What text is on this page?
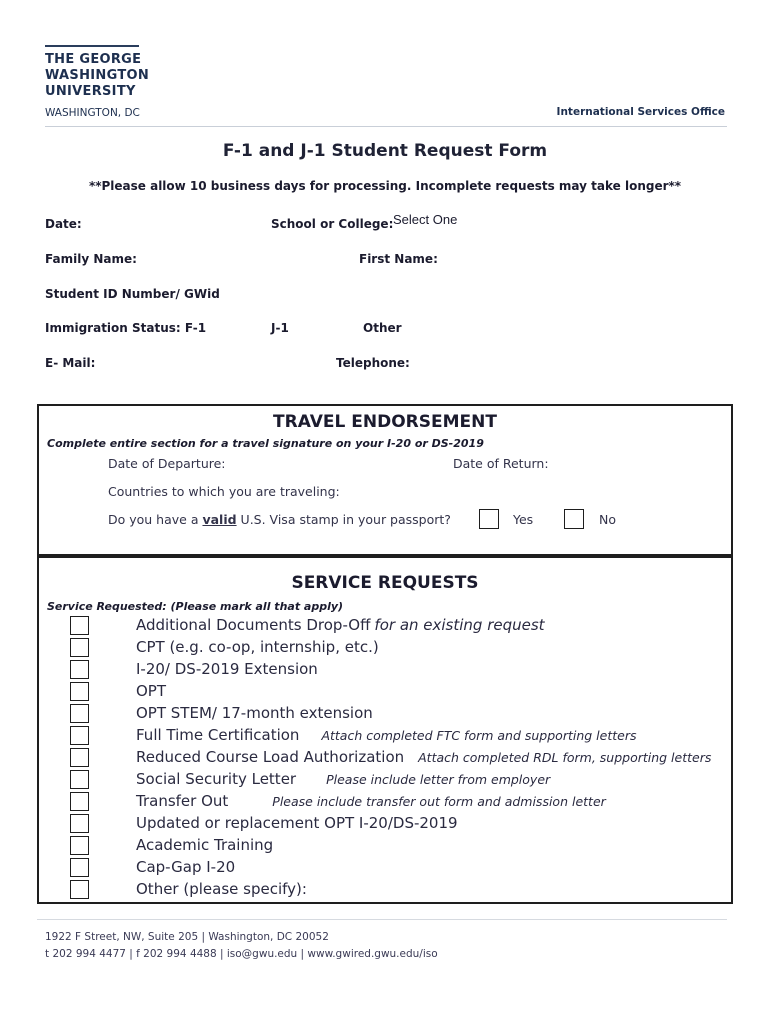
THE GEORGE
WASHINGTON
UNIVERSITY
WASHINGTON, DC	International Services Office
F-1 and J-1 Student Request Form
**Please allow 10 business days for processing. Incomplete requests may take longer**
Date:	School or College: Select One
Family Name:	First Name:
Student ID Number/ GWid
Immigration Status: F-1	J-1	Other
E- Mail:	Telephone:
TRAVEL ENDORSEMENT
Complete entire section for a travel signature on your I-20 or DS-2019
Date of Departure:	Date of Return:
Countries to which you are traveling:
Do you have a valid U.S. Visa stamp in your passport?	Yes	No
SERVICE REQUESTS
Service Requested: (Please mark all that apply)
Additional Documents Drop-Off for an existing request
CPT (e.g. co-op, internship, etc.)
I-20/ DS-2019 Extension
OPT
OPT STEM/ 17-month extension
Full Time Certification Attach completed FTC form and supporting letters
Reduced Course Load Authorization Attach completed RDL form, supporting letters
Social Security Letter Please include letter from employer
Transfer Out	Please include transfer out form and admission letter
Updated or replacement OPT I-20/DS-2019
Academic Training
Cap-Gap I-20
Other (please specify):
1922 F Street, NW, Suite 205 | Washington, DC 20052
t 202 994 4477 | f 202 994 4488 | iso@gwu.edu | www.gwired.gwu.edu/iso
